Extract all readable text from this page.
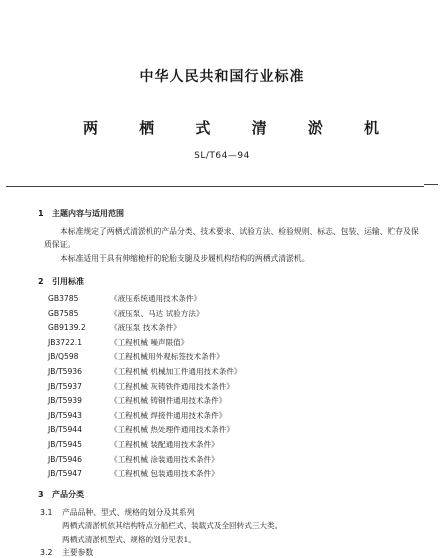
中华人民共和国行业标准
两 栖 式 清 淤 机
SL/T64—94
1 主题内容与适用范围
本标准规定了两栖式清淤机的产品分类、技术要求、试验方法、检验规则、标志、包装、运输、贮存及保质保证。
本标准适用于具有伸缩桅杆的轮胎支腿及步履机构结构的两栖式清淤机。
2 引用标准
GB3785	《液压系统通用技术条件》
GB7585	《液压泵、马达 试验方法》
GB9139.2	《液压泵 技术条件》
JB3722.1	《工程机械 噪声限值》
JB/Q598	《工程机械用外观标签技术条件》
JB/T5936	《工程机械 机械加工件通用技术条件》
JB/T5937	《工程机械 灰铸铁件通用技术条件》
JB/T5939	《工程机械 铸钢件通用技术条件》
JB/T5943	《工程机械 焊接件通用技术条件》
JB/T5944	《工程机械 热处理件通用技术条件》
JB/T5945	《工程机械 装配通用技术条件》
JB/T5946	《工程机械 涂装通用技术条件》
JB/T5947	《工程机械 包装通用技术条件》
3 产品分类
3.1 产品品种、型式、规格的划分及其系列
两栖式清淤机依其结构特点分船栏式、装载式及全回转式三大类。
两栖式清淤机型式、规格的划分见表1。
3.2 主要参数
